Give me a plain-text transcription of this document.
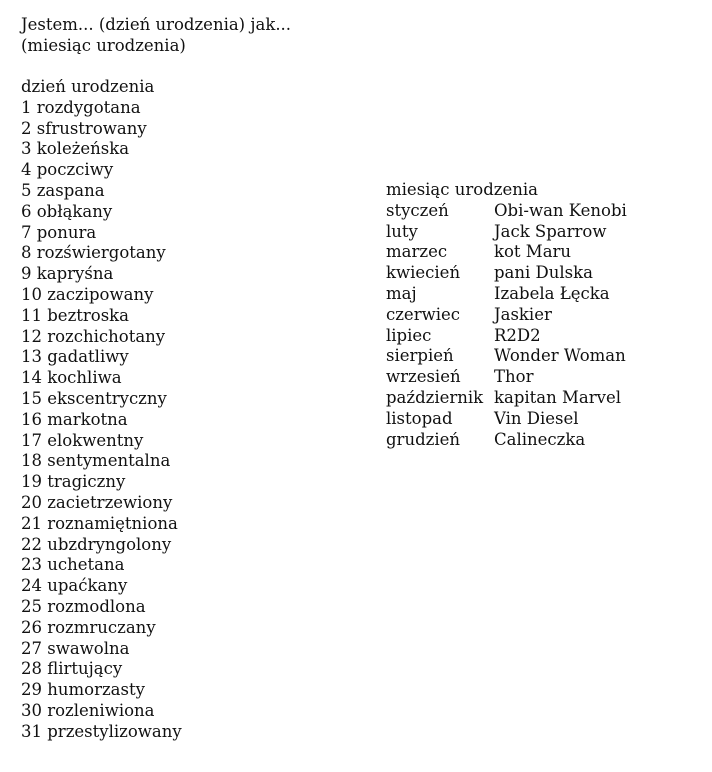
Jestem... (dzień urodzenia) jak...
(miesiąc urodzenia)
dzień urodzenia
1 rozdygotana
2 sfrustrowany
3 koleżeńska
4 poczciwy
5 zaspana
6 obłąkany
7 ponura
8 rozświergotany
9 kapryśna
10 zaczipowany
11 beztroska
12 rozchichotany
13 gadatliwy
14 kochliwa
15 ekscentryczny
16 markotna
17 elokwentny
18 sentymentalna
19 tragiczny
20 zacietrzewiony
21 roznamiętniona
22 ubzdryngolony
23 uchetana
24 upaćkany
25 rozmodlona
26 rozmruczany
27 swawolna
28 flirtujący
29 humorzasty
30 rozleniwiona
31 przestylizowany
miesiąc urodzenia
styczeń	Obi-wan Kenobi
luty	Jack Sparrow
marzec	kot Maru
kwiecień	pani Dulska
maj	Izabela Łęcka
czerwiec	Jaskier
lipiec	R2D2
sierpień	Wonder Woman
wrzesień	Thor
październik kapitan Marvel
listopad	Vin Diesel
grudzień	Calineczka
